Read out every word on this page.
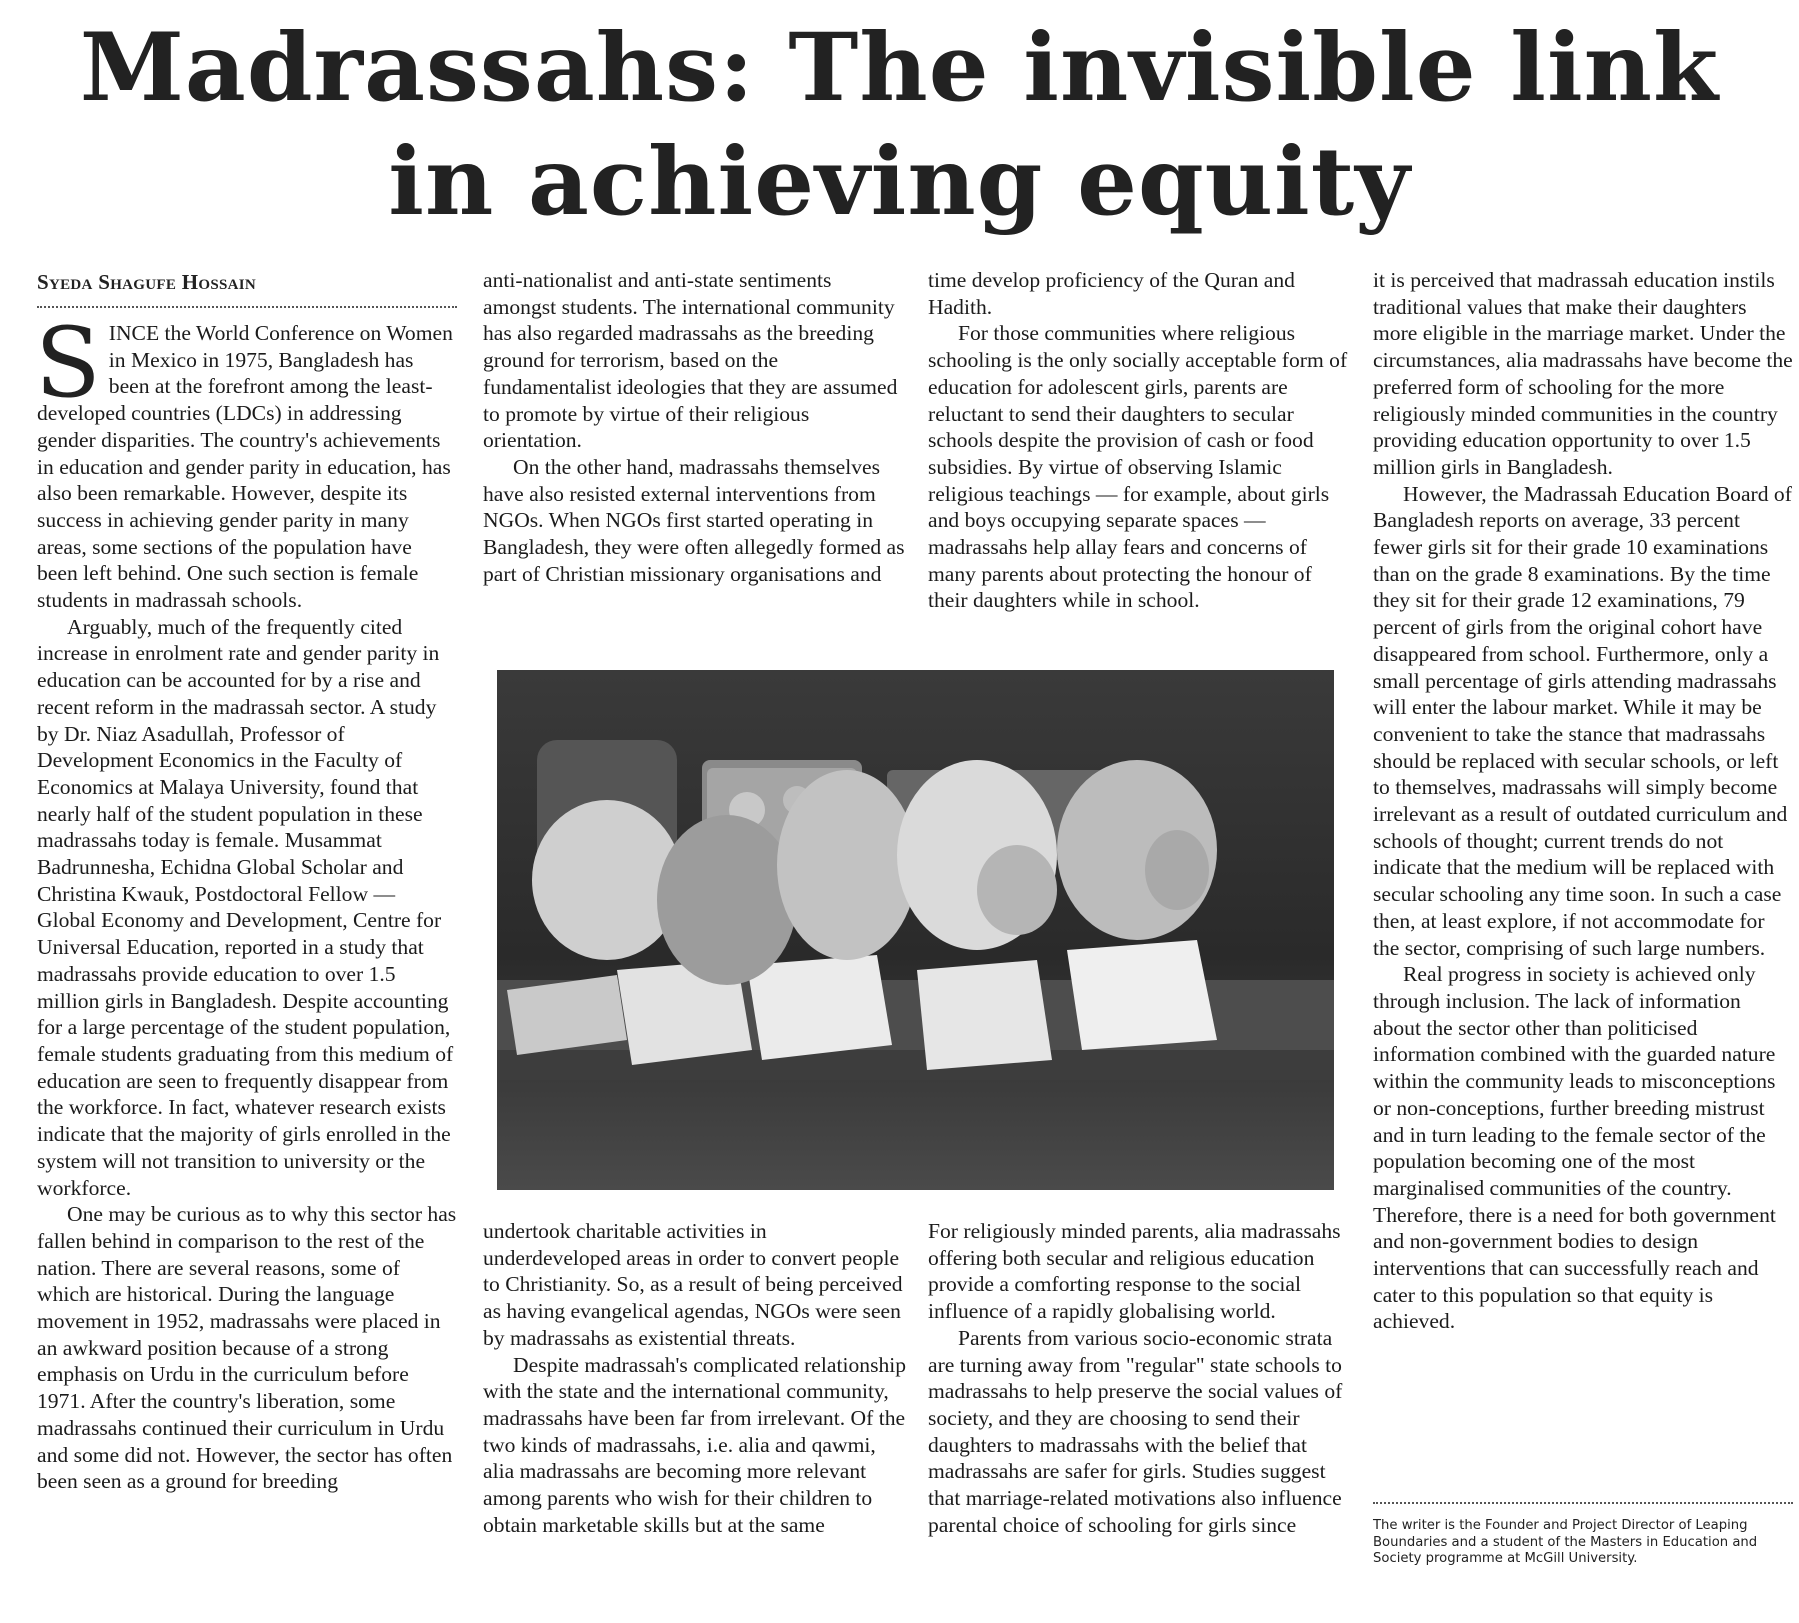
Madrassahs: The invisible link
in achieving equity
Syeda Shagufe Hossain

SINCE the World Conference on Women in Mexico in 1975, Bangladesh has been at the forefront among the least-developed countries (LDCs) in addressing gender disparities. The country's achievements in education and gender parity in education, has also been remarkable. However, despite its success in achieving gender parity in many areas, some sections of the population have been left behind. One such section is female students in madrassah schools.

Arguably, much of the frequently cited increase in enrolment rate and gender parity in education can be accounted for by a rise and recent reform in the madrassah sector. A study by Dr. Niaz Asadullah, Professor of Development Economics in the Faculty of Economics at Malaya University, found that nearly half of the student population in these madrassahs today is female. Musammat Badrunnesha, Echidna Global Scholar and Christina Kwauk, Postdoctoral Fellow — Global Economy and Development, Centre for Universal Education, reported in a study that madrassahs provide education to over 1.5 million girls in Bangladesh. Despite accounting for a large percentage of the student population, female students graduating from this medium of education are seen to frequently disappear from the workforce. In fact, whatever research exists indicate that the majority of girls enrolled in the system will not transition to university or the workforce.

One may be curious as to why this sector has fallen behind in comparison to the rest of the nation. There are several reasons, some of which are historical. During the language movement in 1952, madrassahs were placed in an awkward position because of a strong emphasis on Urdu in the curriculum before 1971. After the country's liberation, some madrassahs continued their curriculum in Urdu and some did not. However, the sector has often been seen as a ground for breeding

anti-nationalist and anti-state sentiments amongst students. The international community has also regarded madrassahs as the breeding ground for terrorism, based on the fundamentalist ideologies that they are assumed to promote by virtue of their religious orientation.

On the other hand, madrassahs themselves have also resisted external interventions from NGOs. When NGOs first started operating in Bangladesh, they were often allegedly formed as part of Christian missionary organisations and

time develop proficiency of the Quran and Hadith.

For those communities where religious schooling is the only socially acceptable form of education for adolescent girls, parents are reluctant to send their daughters to secular schools despite the provision of cash or food subsidies. By virtue of observing Islamic religious teachings — for example, about girls and boys occupying separate spaces — madrassahs help allay fears and concerns of many parents about protecting the honour of their daughters while in school.

undertook charitable activities in underdeveloped areas in order to convert people to Christianity. So, as a result of being perceived as having evangelical agendas, NGOs were seen by madrassahs as existential threats.

Despite madrassah's complicated relationship with the state and the international community, madrassahs have been far from irrelevant. Of the two kinds of madrassahs, i.e. alia and qawmi, alia madrassahs are becoming more relevant among parents who wish for their children to obtain marketable skills but at the same

For religiously minded parents, alia madrassahs offering both secular and religious education provide a comforting response to the social influence of a rapidly globalising world.

Parents from various socio-economic strata are turning away from "regular" state schools to madrassahs to help preserve the social values of society, and they are choosing to send their daughters to madrassahs with the belief that madrassahs are safer for girls. Studies suggest that marriage-related motivations also influence parental choice of schooling for girls since

it is perceived that madrassah education instils traditional values that make their daughters more eligible in the marriage market. Under the circumstances, alia madrassahs have become the preferred form of schooling for the more religiously minded communities in the country providing education opportunity to over 1.5 million girls in Bangladesh.

However, the Madrassah Education Board of Bangladesh reports on average, 33 percent fewer girls sit for their grade 10 examinations than on the grade 8 examinations. By the time they sit for their grade 12 examinations, 79 percent of girls from the original cohort have disappeared from school. Furthermore, only a small percentage of girls attending madrassahs will enter the labour market. While it may be convenient to take the stance that madrassahs should be replaced with secular schools, or left to themselves, madrassahs will simply become irrelevant as a result of outdated curriculum and schools of thought; current trends do not indicate that the medium will be replaced with secular schooling any time soon. In such a case then, at least explore, if not accommodate for the sector, comprising of such large numbers.

Real progress in society is achieved only through inclusion. The lack of information about the sector other than politicised information combined with the guarded nature within the community leads to misconceptions or non-conceptions, further breeding mistrust and in turn leading to the female sector of the population becoming one of the most marginalised communities of the country. Therefore, there is a need for both government and non-government bodies to design interventions that can successfully reach and cater to this population so that equity is achieved.

The writer is the Founder and Project Director of Leaping Boundaries and a student of the Masters in Education and Society programme at McGill University.
